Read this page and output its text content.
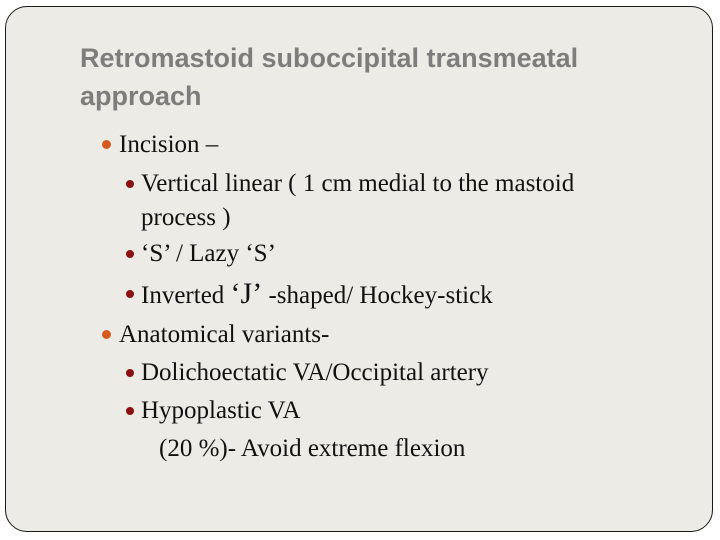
Retromastoid suboccipital transmeatal approach
Incision –
Vertical linear ( 1 cm medial to the mastoid
process )
‘S’ / Lazy ‘S’
Inverted ‘J’ -shaped/ Hockey-stick
Anatomical variants-
Dolichoectatic VA/Occipital artery
Hypoplastic VA
(20 %)- Avoid extreme flexion
